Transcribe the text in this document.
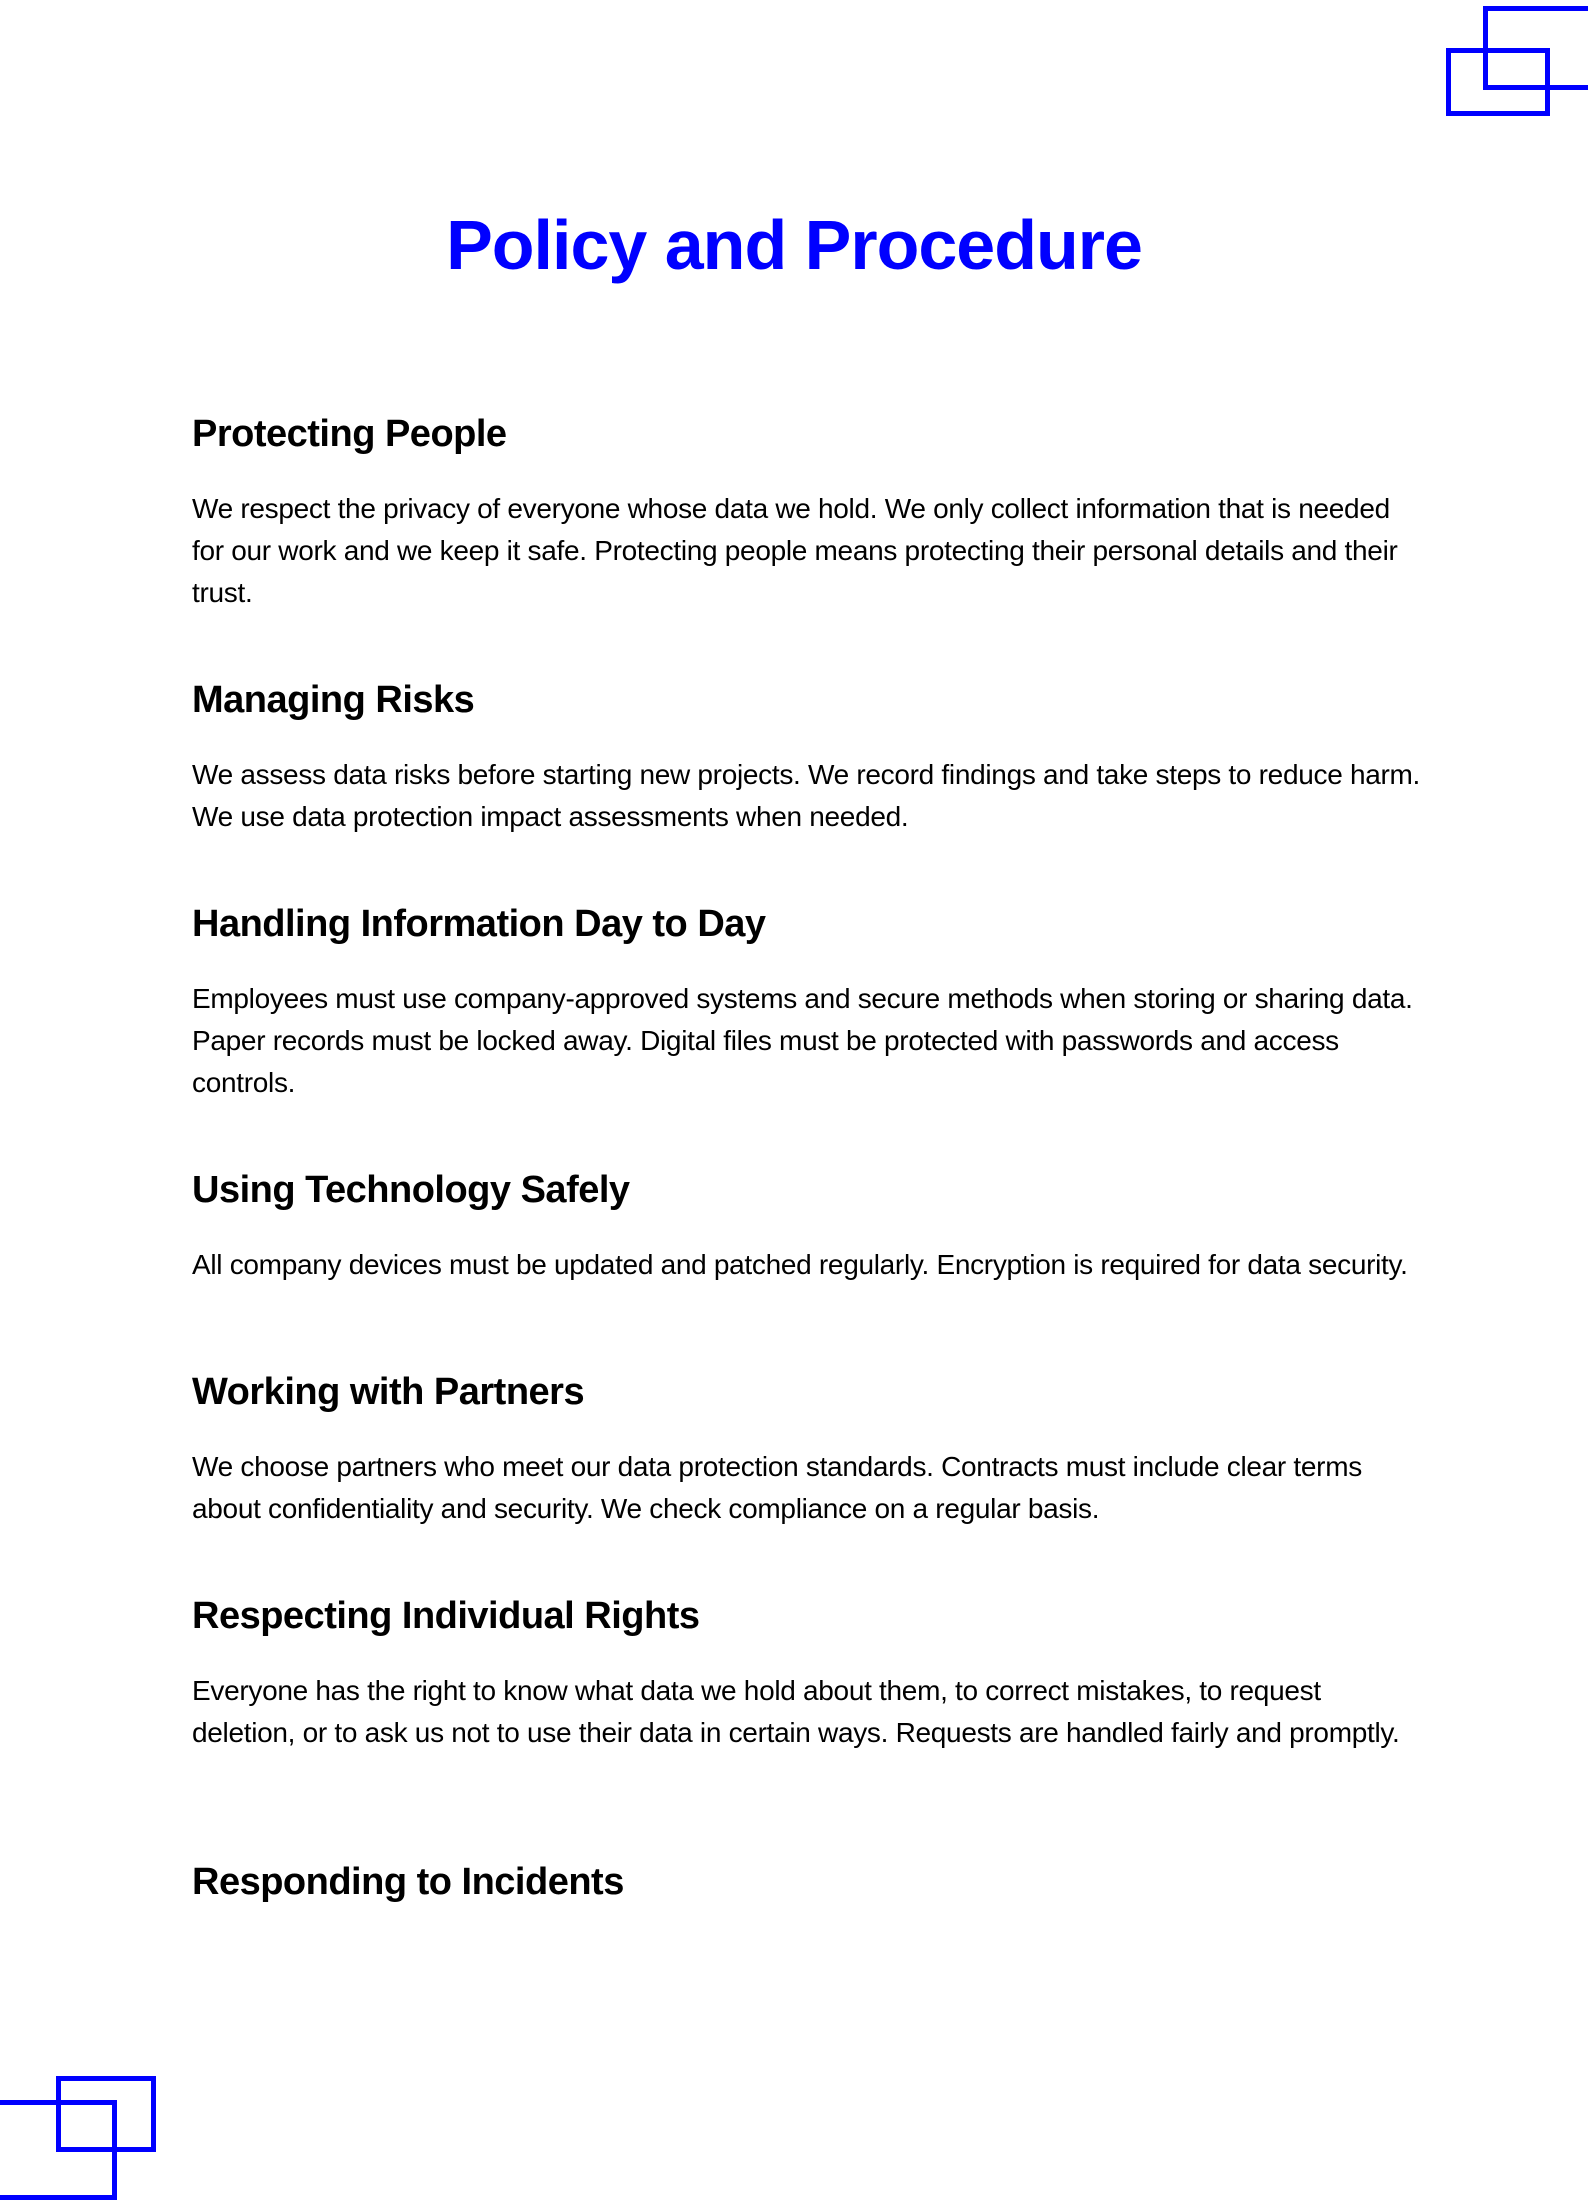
Policy and Procedure
Protecting People

We respect the privacy of everyone whose data we hold. We only collect information that is needed for our work and we keep it safe. Protecting people means protecting their personal details and their trust.

Managing Risks

We assess data risks before starting new projects. We record findings and take steps to reduce harm. We use data protection impact assessments when needed.

Handling Information Day to Day

Employees must use company-approved systems and secure methods when storing or sharing data. Paper records must be locked away. Digital files must be protected with passwords and access controls.

Using Technology Safely

All company devices must be updated and patched regularly. Encryption is required for data security.

Working with Partners

We choose partners who meet our data protection standards. Contracts must include clear terms about confidentiality and security. We check compliance on a regular basis.

Respecting Individual Rights

Everyone has the right to know what data we hold about them, to correct mistakes, to request deletion, or to ask us not to use their data in certain ways. Requests are handled fairly and promptly.

Responding to Incidents
